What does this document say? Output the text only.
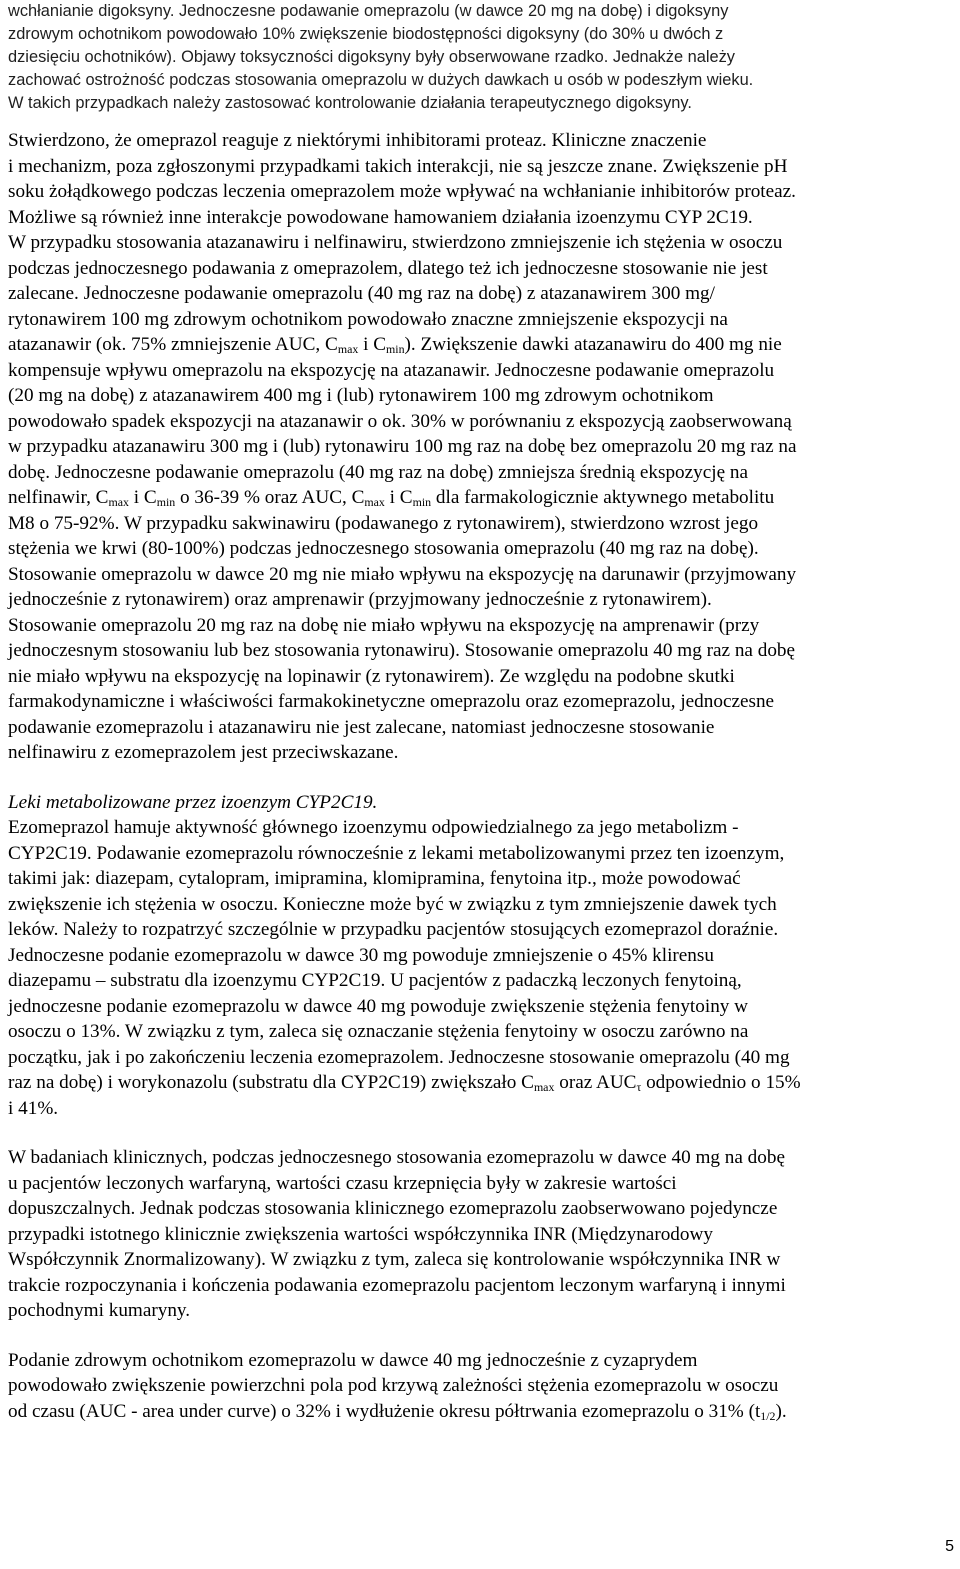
wchłanianie digoksyny. Jednoczesne podawanie omeprazolu (w dawce 20 mg na dobę) i digoksyny
zdrowym ochotnikom powodowało 10% zwiększenie biodostępności digoksyny (do 30% u dwóch z
dziesięciu ochotników). Objawy toksyczności digoksyny były obserwowane rzadko. Jednakże należy
zachować ostrożność podczas stosowania omeprazolu w dużych dawkach u osób w podeszłym wieku.
W takich przypadkach należy zastosować kontrolowanie działania terapeutycznego digoksyny.
Stwierdzono, że omeprazol reaguje z niektórymi inhibitorami proteaz. Kliniczne znaczenie
i mechanizm, poza zgłoszonymi przypadkami takich interakcji, nie są jeszcze znane. Zwiększenie pH
soku żołądkowego podczas leczenia omeprazolem może wpływać na wchłanianie inhibitorów proteaz.
Możliwe są również inne interakcje powodowane hamowaniem działania izoenzymu CYP 2C19.
W przypadku stosowania atazanawiru i nelfinawiru, stwierdzono zmniejszenie ich stężenia w osoczu
podczas jednoczesnego podawania z omeprazolem, dlatego też ich jednoczesne stosowanie nie jest
zalecane. Jednoczesne podawanie omeprazolu (40 mg raz na dobę) z atazanawirem 300 mg/
rytonawirem 100 mg zdrowym ochotnikom powodowało znaczne zmniejszenie ekspozycji na
atazanawir (ok. 75% zmniejszenie AUC, $C_{max}$ i $C_{min}$). Zwiększenie dawki atazanawiru do 400 mg nie
kompensuje wpływu omeprazolu na ekspozycję na atazanawir. Jednoczesne podawanie omeprazolu
(20 mg na dobę) z atazanawirem 400 mg i (lub) rytonawirem 100 mg zdrowym ochotnikom
powodowało spadek ekspozycji na atazanawir o ok. 30% w porównaniu z ekspozycją zaobserwowaną
w przypadku atazanawiru 300 mg i (lub) rytonawiru 100 mg raz na dobę bez omeprazolu 20 mg raz na
dobę. Jednoczesne podawanie omeprazolu (40 mg raz na dobę) zmniejsza średnią ekspozycję na
nelfinawir, $C_{max}$ i $C_{min}$ o 36-39 % oraz AUC, $C_{max}$ i $C_{min}$ dla farmakologicznie aktywnego metabolitu
M8 o 75-92%. W przypadku sakwinawiru (podawanego z rytonawirem), stwierdzono wzrost jego
stężenia we krwi (80-100%) podczas jednoczesnego stosowania omeprazolu (40 mg raz na dobę).
Stosowanie omeprazolu w dawce 20 mg nie miało wpływu na ekspozycję na darunawir (przyjmowany
jednocześnie z rytonawirem) oraz amprenawir (przyjmowany jednocześnie z rytonawirem).
Stosowanie omeprazolu 20 mg raz na dobę nie miało wpływu na ekspozycję na amprenawir (przy
jednoczesnym stosowaniu lub bez stosowania rytonawiru). Stosowanie omeprazolu 40 mg raz na dobę
nie miało wpływu na ekspozycję na lopinawir (z rytonawirem). Ze względu na podobne skutki
farmakodynamiczne i właściwości farmakokinetyczne omeprazolu oraz ezomeprazolu, jednoczesne
podawanie ezomeprazolu i atazanawiru nie jest zalecane, natomiast jednoczesne stosowanie
nelfinawiru z ezomeprazolem jest przeciwskazane.
Leki metabolizowane przez izoenzym CYP2C19.
Ezomeprazol hamuje aktywność głównego izoenzymu odpowiedzialnego za jego metabolizm -
CYP2C19. Podawanie ezomeprazolu równocześnie z lekami metabolizowanymi przez ten izoenzym,
takimi jak: diazepam, cytalopram, imipramina, klomipramina, fenytoina itp., może powodować
zwiększenie ich stężenia w osoczu. Konieczne może być w związku z tym zmniejszenie dawek tych
leków. Należy to rozpatrzyć szczególnie w przypadku pacjentów stosujących ezomeprazol doraźnie.
Jednoczesne podanie ezomeprazolu w dawce 30 mg powoduje zmniejszenie o 45% klirensu
diazepamu – substratu dla izoenzymu CYP2C19. U pacjentów z padaczką leczonych fenytoiną,
jednoczesne podanie ezomeprazolu w dawce 40 mg powoduje zwiększenie stężenia fenytoiny w
osoczu o 13%. W związku z tym, zaleca się oznaczanie stężenia fenytoiny w osoczu zarówno na
początku, jak i po zakończeniu leczenia ezomeprazolem. Jednoczesne stosowanie omeprazolu (40 mg
raz na dobę) i worykonazolu (substratu dla CYP2C19) zwiększało $C_{max}$ oraz $AUC_\tau$ odpowiednio o 15%
i 41%.
W badaniach klinicznych, podczas jednoczesnego stosowania ezomeprazolu w dawce 40 mg na dobę
u pacjentów leczonych warfaryną, wartości czasu krzepnięcia były w zakresie wartości
dopuszczalnych. Jednak podczas stosowania klinicznego ezomeprazolu zaobserwowano pojedyncze
przypadki istotnego klinicznie zwiększenia wartości współczynnika INR (Międzynarodowy
Współczynnik Znormalizowany). W związku z tym, zaleca się kontrolowanie współczynnika INR w
trakcie rozpoczynania i kończenia podawania ezomeprazolu pacjentom leczonym warfaryną i innymi
pochodnymi kumaryny.
Podanie zdrowym ochotnikom ezomeprazolu w dawce 40 mg jednocześnie z cyzaprydem
powodowało zwiększenie powierzchni pola pod krzywą zależności stężenia ezomeprazolu w osoczu
od czasu (AUC - area under curve) o 32% i wydłużenie okresu półtrwania ezomeprazolu o 31% $(t_{1/2})$.
5
